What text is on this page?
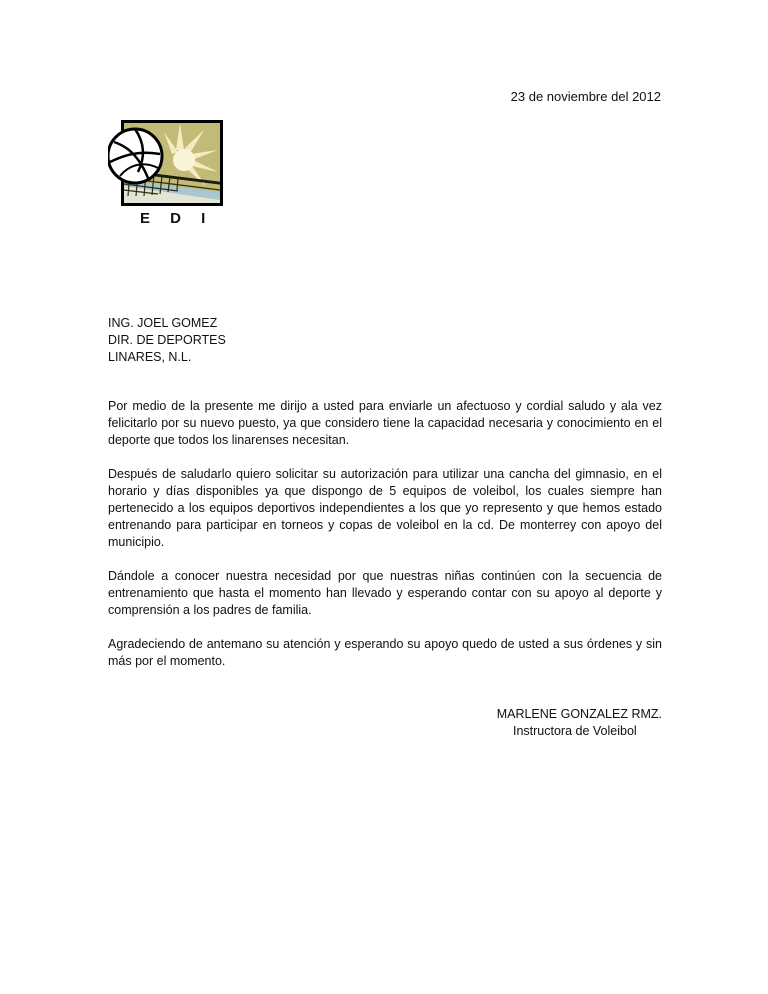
23 de noviembre del 2012
E D I
ING. JOEL GOMEZ
DIR. DE DEPORTES
LINARES, N.L.

Por medio de la presente me dirijo a usted para enviarle un afectuoso y cordial saludo y ala vez felicitarlo por su nuevo puesto, ya que considero tiene la capacidad necesaria y conocimiento en el deporte que todos los linarenses necesitan.

Después de saludarlo quiero solicitar su autorización para utilizar una cancha del gimnasio, en el horario y días disponibles ya que dispongo de 5 equipos de voleibol, los cuales siempre han pertenecido a los equipos deportivos independientes a los que yo represento y que hemos estado entrenando para participar en torneos y copas de voleibol en la cd. De monterrey con apoyo del municipio.

Dándole a conocer nuestra necesidad por que nuestras niñas continúen con la secuencia de entrenamiento que hasta el momento han llevado y esperando contar con su apoyo al deporte y comprensión a los padres de familia.

Agradeciendo de antemano su atención y esperando su apoyo quedo de usted a sus órdenes y sin más por el momento.

MARLENE GONZALEZ RMZ.
Instructora de Voleibol
